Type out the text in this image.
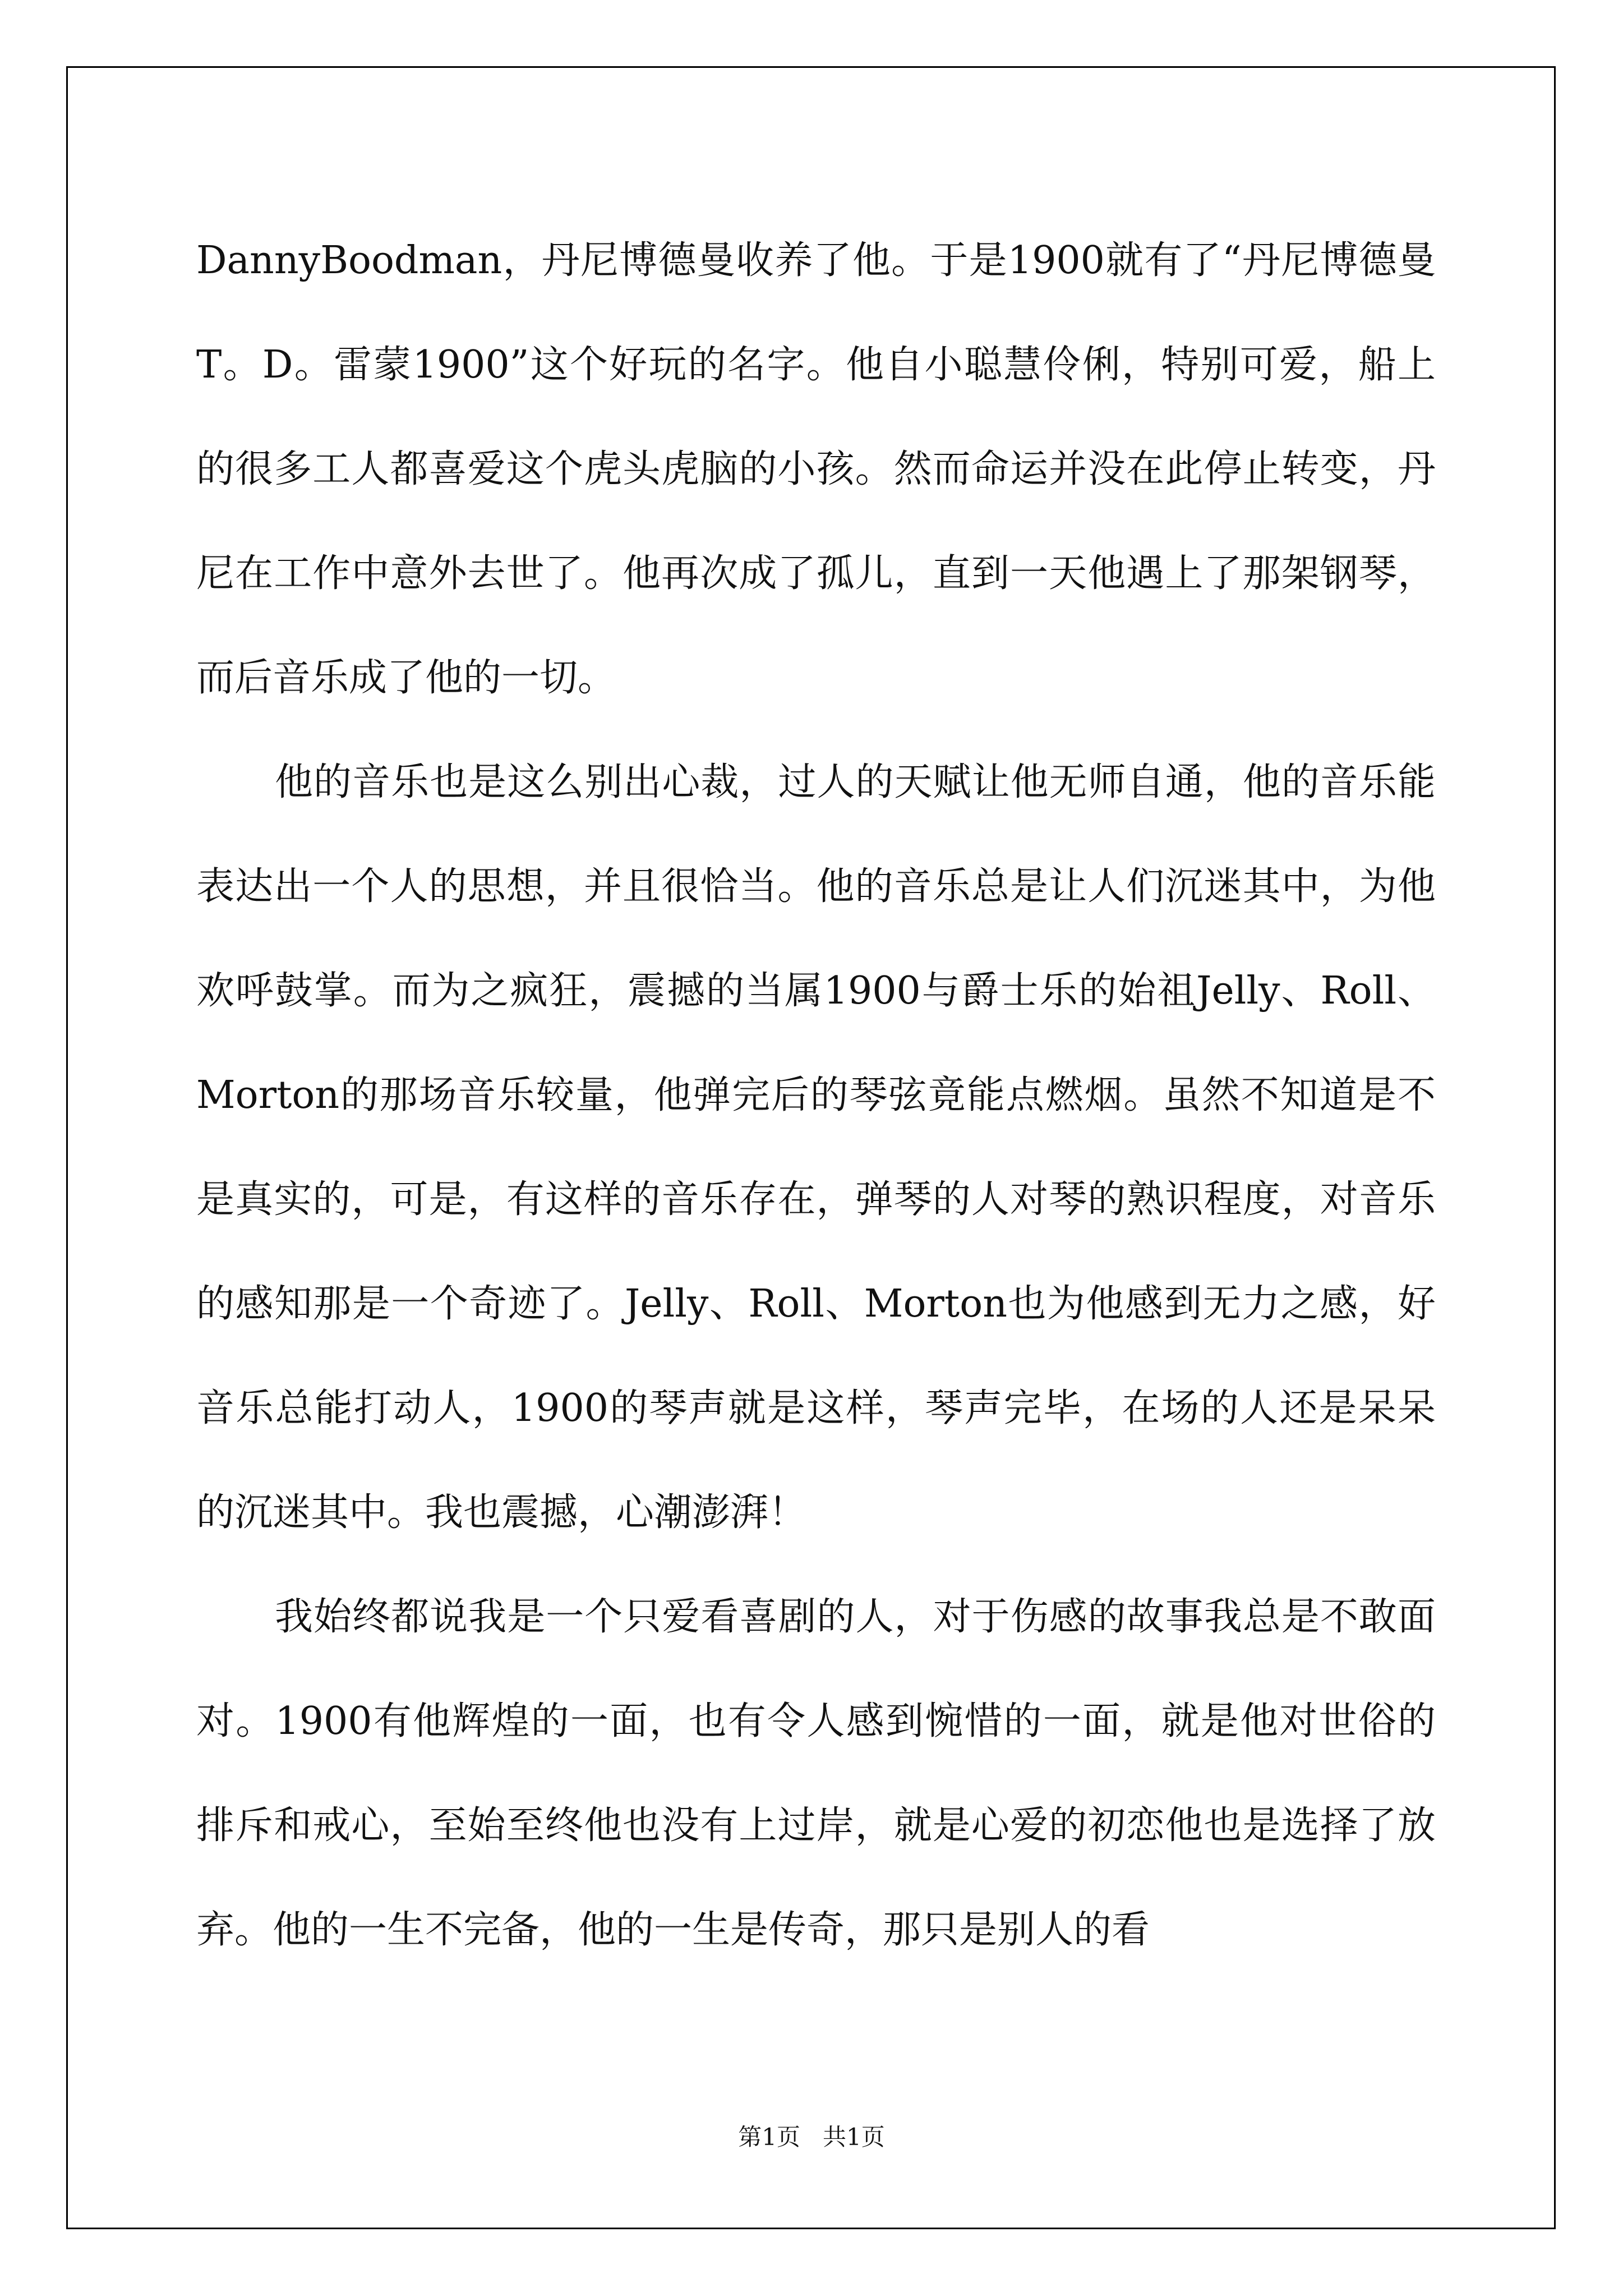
DannyBoodman，丹尼博德曼收养了他。于是1900就有了“丹尼博德曼T。D。雷蒙1900”这个好玩的名字。他自小聪慧伶俐，特别可爱，船上的很多工人都喜爱这个虎头虎脑的小孩。然而命运并没在此停止转变，丹尼在工作中意外去世了。他再次成了孤儿，直到一天他遇上了那架钢琴，而后音乐成了他的一切。

他的音乐也是这么别出心裁，过人的天赋让他无师自通，他的音乐能表达出一个人的思想，并且很恰当。他的音乐总是让人们沉迷其中，为他欢呼鼓掌。而为之疯狂，震撼的当属1900与爵士乐的始祖Jelly、Roll、Morton的那场音乐较量，他弹完后的琴弦竟能点燃烟。虽然不知道是不是真实的，可是，有这样的音乐存在，弹琴的人对琴的熟识程度，对音乐的感知那是一个奇迹了。Jelly、Roll、Morton也为他感到无力之感，好音乐总能打动人，1900的琴声就是这样，琴声完毕，在场的人还是呆呆的沉迷其中。我也震撼，心潮澎湃！

我始终都说我是一个只爱看喜剧的人，对于伤感的故事我总是不敢面对。1900有他辉煌的一面，也有令人感到惋惜的一面，就是他对世俗的排斥和戒心，至始至终他也没有上过岸，就是心爱的初恋他也是选择了放弃。他的一生不完备，他的一生是传奇，那只是别人的看

第1页 共1页
